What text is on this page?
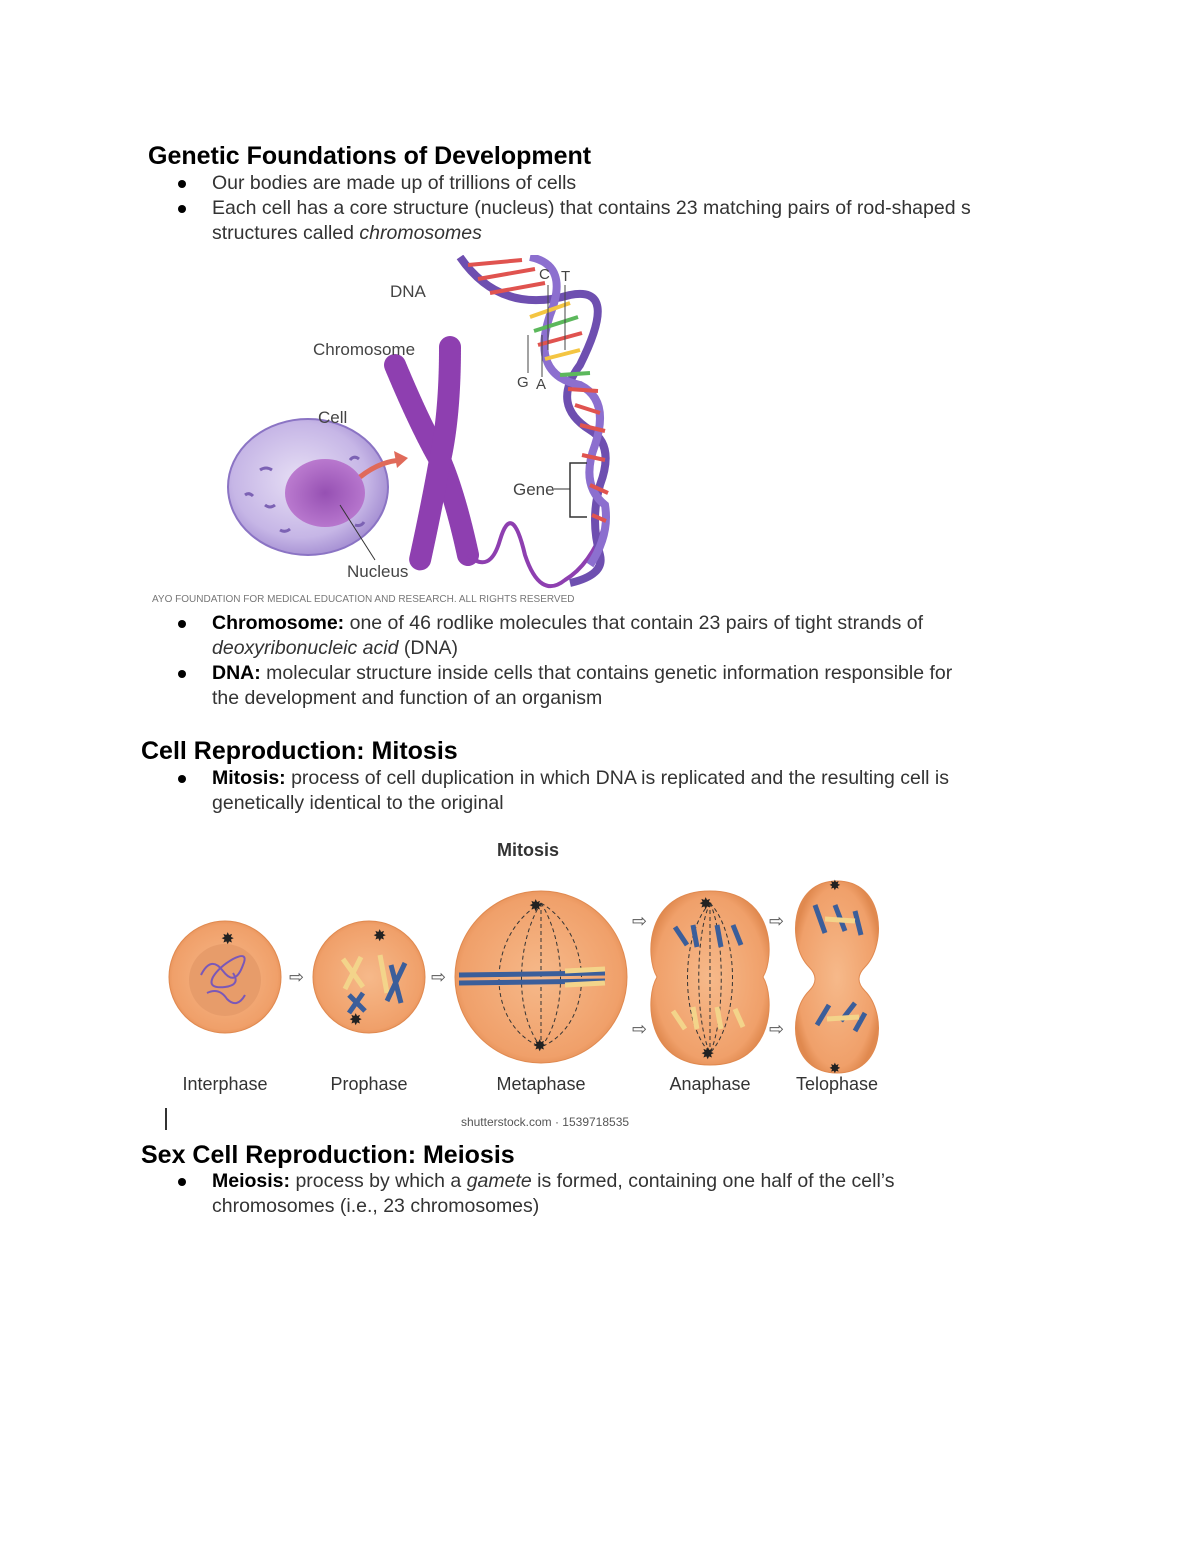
Genetic Foundations of Development
Our bodies are made up of trillions of cells
Each cell has a core structure (nucleus) that contains 23 matching pairs of rod-shaped s
structures called chromosomes
DNA
Chromosome
Cell
Gene
Nucleus
C T
G A
AYO FOUNDATION FOR MEDICAL EDUCATION AND RESEARCH. ALL RIGHTS RESERVED
Chromosome: one of 46 rodlike molecules that contain 23 pairs of tight strands of
deoxyribonucleic acid (DNA)
DNA: molecular structure inside cells that contains genetic information responsible for
the development and function of an organism
Cell Reproduction: Mitosis
Mitosis: process of cell duplication in which DNA is replicated and the resulting cell is
genetically identical to the original
Mitosis
✸
⇨
✸
✸
⇨
✸
✸
⇨
⇨
✸
✸
⇨
⇨
✸
✸
Interphase	Prophase	Metaphase	Anaphase	Telophase
shutterstock.com · 1539718535
Sex Cell Reproduction: Meiosis
Meiosis: process by which a gamete is formed, containing one half of the cell’s
chromosomes (i.e., 23 chromosomes)
